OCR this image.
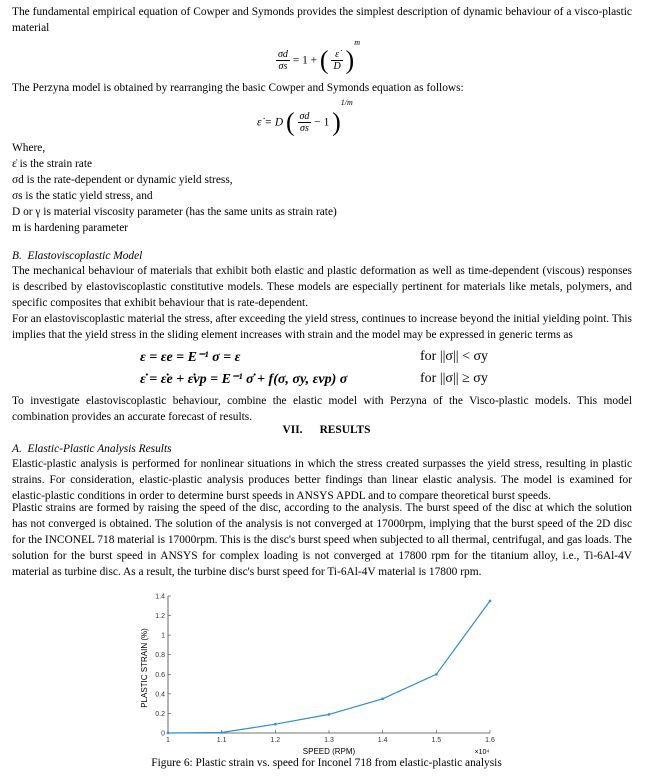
The fundamental empirical equation of Cowper and Symonds provides the simplest description of dynamic behaviour of a visco-plastic material

$\frac{\sigma d}{\sigma s} = 1$ + ( $\frac{\varepsiloṅ}{D} )^m$
The Perzyna model is obtained by rearranging the basic Cowper and Symonds equation as follows:
ε̇ = D ( $\frac{\sigma d}{\sigma s} - 1$ )$^{1/m}$
Where,
ε̇ is the strain rate
σd is the rate-dependent or dynamic yield stress,
σs is the static yield stress, and
D or γ is material viscosity parameter (has the same units as strain rate)
m is hardening parameter
B. Elastoviscoplastic Model

The mechanical behaviour of materials that exhibit both elastic and plastic deformation as well as time-dependent (viscous) responses is described by elastoviscoplastic constitutive models. These models are especially pertinent for materials like metals, polymers, and specific composites that exhibit behaviour that is rate-dependent.

For an elastoviscoplastic material the stress, after exceeding the yield stress, continues to increase beyond the initial yielding point. This implies that the yield stress in the sliding element increases with strain and the model may be expressed in generic terms as

ε = εe = E⁻¹ σ = ε	for ||σ|| < σy
ε̇ = ε̇e + ε̇vp = E⁻¹ σ̇ + f(σ, σy, εvp) σ	for ||σ|| ≥ σy

To investigate elastoviscoplastic behaviour, combine the elastic model with Perzyna of the Visco-plastic models. This model combination provides an accurate forecast of results.

VII.      RESULTS
A. Elastic-Plastic Analysis Results

Elastic-plastic analysis is performed for nonlinear situations in which the stress created surpasses the yield stress, resulting in plastic strains. For consideration, elastic-plastic analysis produces better findings than linear elastic analysis. The model is examined for elastic-plastic conditions in order to determine burst speeds in ANSYS APDL and to compare theoretical burst speeds.

Plastic strains are formed by raising the speed of the disc, according to the analysis. The burst speed of the disc at which the solution has not converged is obtained. The solution of the analysis is not converged at 17000rpm, implying that the burst speed of the 2D disc for the INCONEL 718 material is 17000rpm. This is the disc's burst speed when subjected to all thermal, centrifugal, and gas loads. The solution for the burst speed in ANSYS for complex loading is not converged at 17800 rpm for the titanium alloy, i.e., Ti-6Al-4V material as turbine disc. As a result, the turbine disc's burst speed for Ti-6Al-4V material is 17800 rpm.

0
0.2
0.4
0.6
0.8
1
1.2
1.4
1	1.1	1.2	1.3	1.4	1.5	1.6
PLASTIC STRAIN (%)
SPEED (RPM)	×10⁴
Figure 6: Plastic strain vs. speed for Inconel 718 from elastic-plastic analysis
